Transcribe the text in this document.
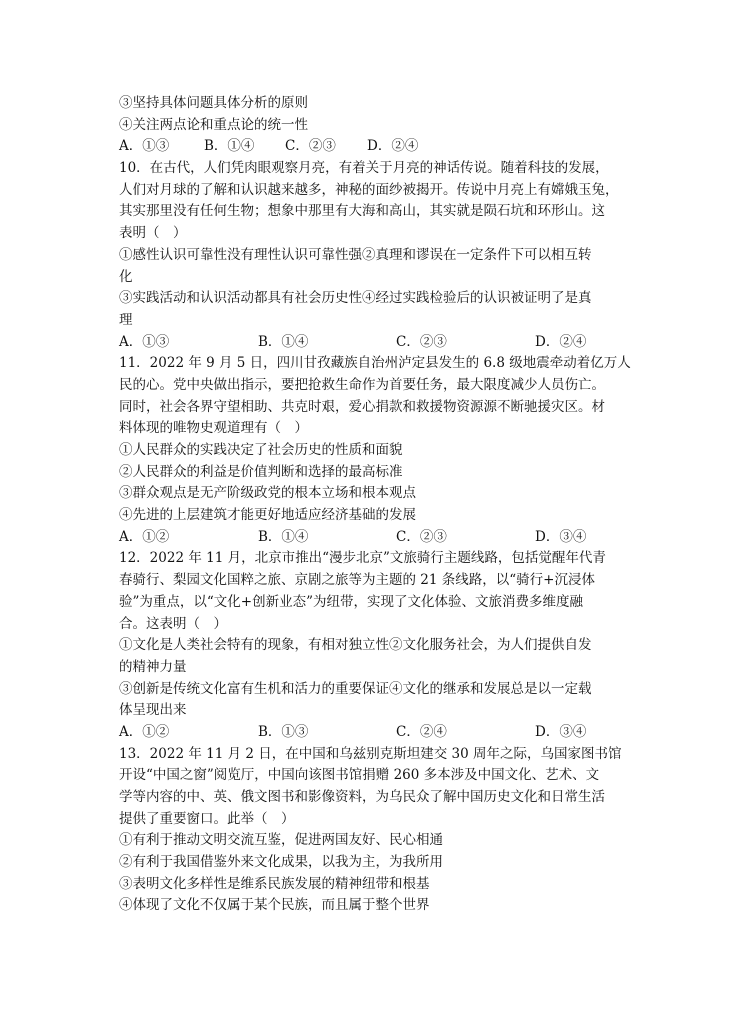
③坚持具体问题具体分析的原则
④关注两点论和重点论的统一性
A．①③	B．①④ C．②③ D．②④
10．在古代，人们凭肉眼观察月亮，有着关于月亮的神话传说。随着科技的发展，
人们对月球的了解和认识越来越多，神秘的面纱被揭开。传说中月亮上有嫦娥玉兔，
其实那里没有任何生物；想象中那里有大海和高山，其实就是陨石坑和环形山。这
表明（　）
①感性认识可靠性没有理性认识可靠性强②真理和谬误在一定条件下可以相互转
化
③实践活动和认识活动都具有社会历史性④经过实践检验后的认识被证明了是真
理
A．①③	B．①④	C．②③	D．②④
11．2022 年 9 月 5 日，四川甘孜藏族自治州泸定县发生的 6.8 级地震牵动着亿万人
民的心。党中央做出指示，要把抢救生命作为首要任务，最大限度减少人员伤亡。
同时，社会各界守望相助、共克时艰，爱心捐款和救援物资源源不断驰援灾区。材
料体现的唯物史观道理有（　）
①人民群众的实践决定了社会历史的性质和面貌
②人民群众的利益是价值判断和选择的最高标准
③群众观点是无产阶级政党的根本立场和根本观点
④先进的上层建筑才能更好地适应经济基础的发展
A．①②	B．①④	C．②③	D．③④
12．2022 年 11 月，北京市推出“漫步北京”文旅骑行主题线路，包括觉醒年代青
春骑行、梨园文化国粹之旅、京剧之旅等为主题的 21 条线路，以“骑行+沉浸体
验”为重点，以“文化+创新业态”为纽带，实现了文化体验、文旅消费多维度融
合。这表明（　）
①文化是人类社会特有的现象，有相对独立性②文化服务社会，为人们提供自发
的精神力量
③创新是传统文化富有生机和活力的重要保证④文化的继承和发展总是以一定载
体呈现出来
A．①②	B．①③	C．②④	D．③④
13．2022 年 11 月 2 日，在中国和乌兹别克斯坦建交 30 周年之际，乌国家图书馆
开设“中国之窗”阅览厅，中国向该图书馆捐赠 260 多本涉及中国文化、艺术、文
学等内容的中、英、俄文图书和影像资料，为乌民众了解中国历史文化和日常生活
提供了重要窗口。此举（　）
①有利于推动文明交流互鉴，促进两国友好、民心相通
②有利于我国借鉴外来文化成果，以我为主，为我所用
③表明文化多样性是维系民族发展的精神纽带和根基
④体现了文化不仅属于某个民族，而且属于整个世界
